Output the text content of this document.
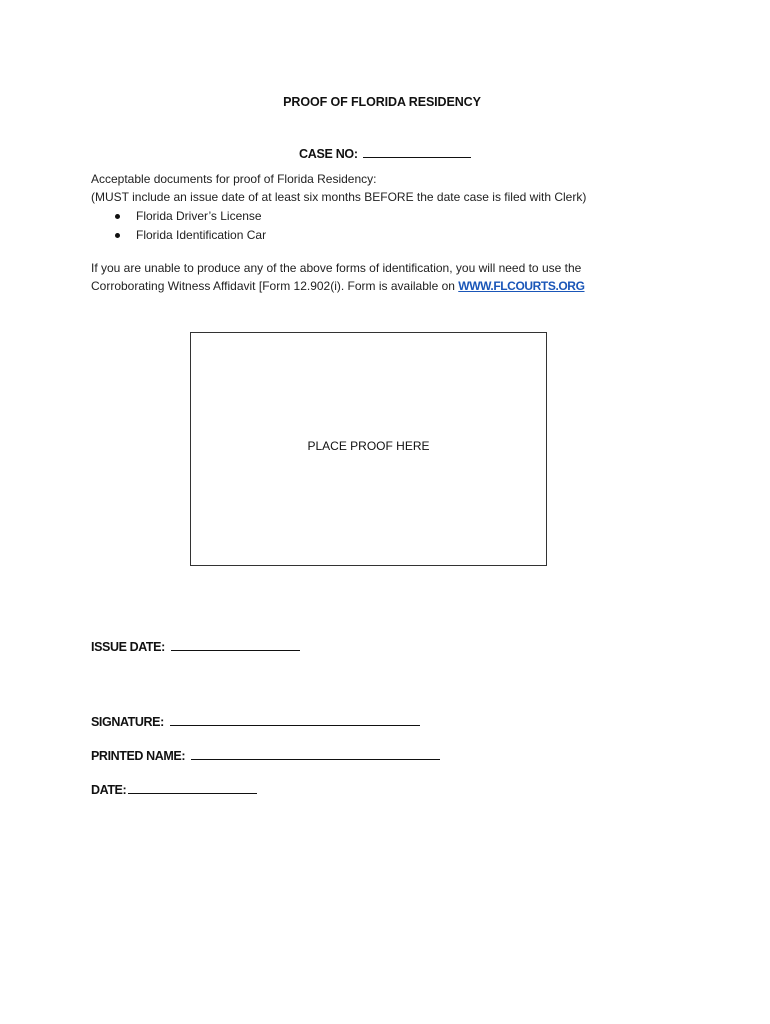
PROOF OF FLORIDA RESIDENCY
CASE NO:

Acceptable documents for proof of Florida Residency:

(MUST include an issue date of at least six months BEFORE the date case is filed with Clerk)

Florida Driver’s License
Florida Identification Car
If you are unable to produce any of the above forms of identification, you will need to use the
Corroborating Witness Affidavit [Form 12.902(i). Form is available on WWW.FLCOURTS.ORG
PLACE PROOF HERE
ISSUE DATE:
SIGNATURE:
PRINTED NAME:
DATE:
